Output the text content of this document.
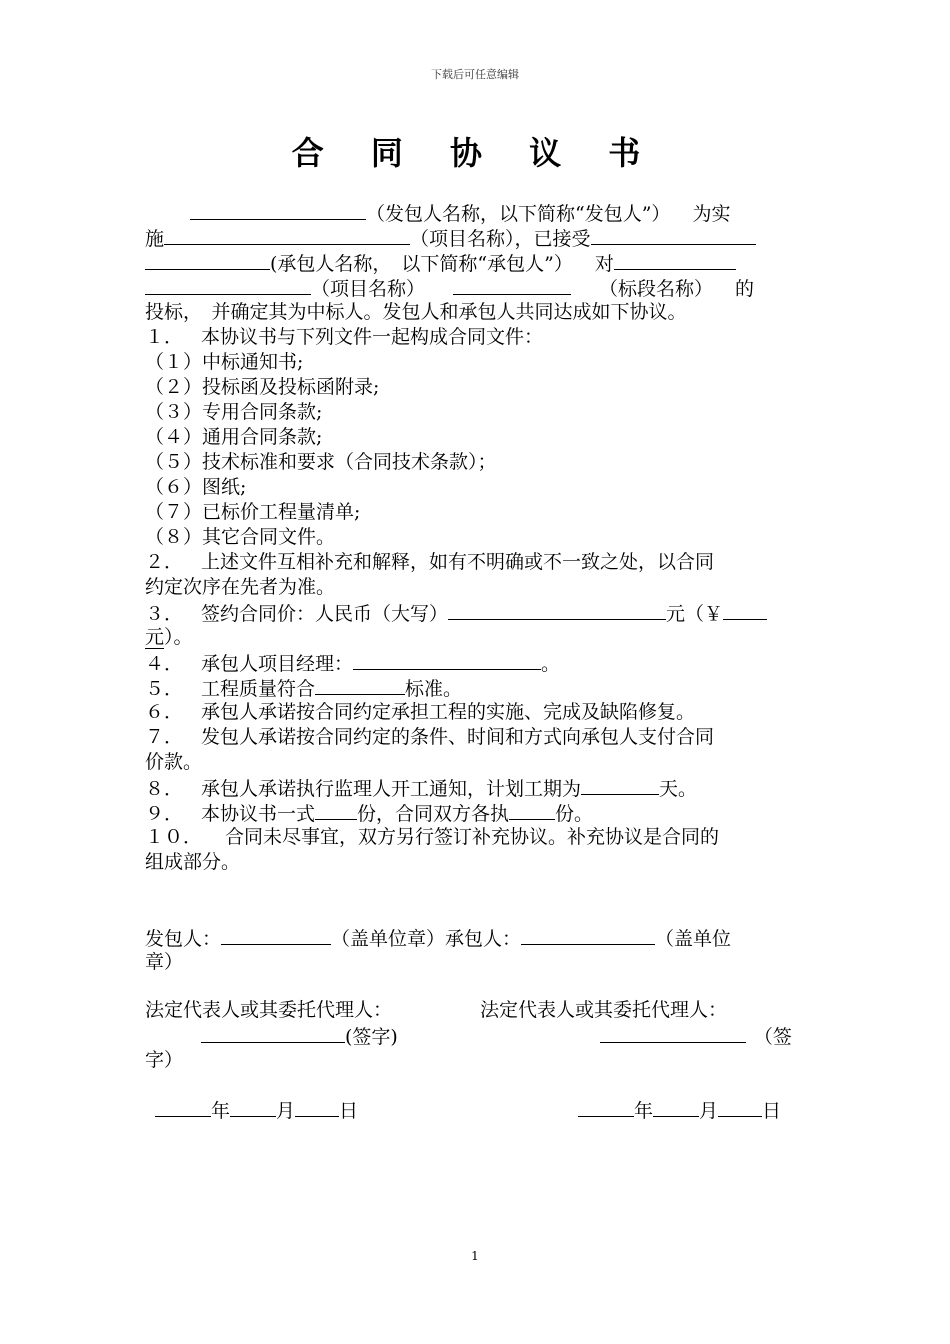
下载后可任意编辑
合 同 协 议 书
（发包人名称，以下简称“发包人”） 为实
施	（项目名称），已接受
(承包人名称， 以下简称“承包人”） 对
（项目名称）	（标段名称） 的
投标，　并确定其为中标人。发包人和承包人共同达成如下协议。
１． 本协议书与下列文件一起构成合同文件：
（１）中标通知书;
（２）投标函及投标函附录;
（３）专用合同条款;
（４）通用合同条款;
（５）技术标准和要求（合同技术条款）；
（６）图纸;
（７）已标价工程量清单;
（８）其它合同文件。
２． 上述文件互相补充和解释，如有不明确或不一致之处，以合同
约定次序在先者为准。
３． 签约合同价：人民币（大写）	元（￥
元）。
４． 承包人项目经理：	。
５． 工程质量符合	标准。
６． 承包人承诺按合同约定承担工程的实施、完成及缺陷修复。
７． 发包人承诺按合同约定的条件、时间和方式向承包人支付合同
价款。
８． 承包人承诺执行监理人开工通知，计划工期为	天。
９． 本协议书一式 份，合同双方各执 份。
１０． 合同未尽事宜，双方另行签订补充协议。补充协议是合同的
组成部分。
发包人：	（盖单位章）承包人：	（盖单位
章）
法定代表人或其委托代理人：	法定代表人或其委托代理人：
(签字)	（签
字）
年 月 日	年 月 日
1
